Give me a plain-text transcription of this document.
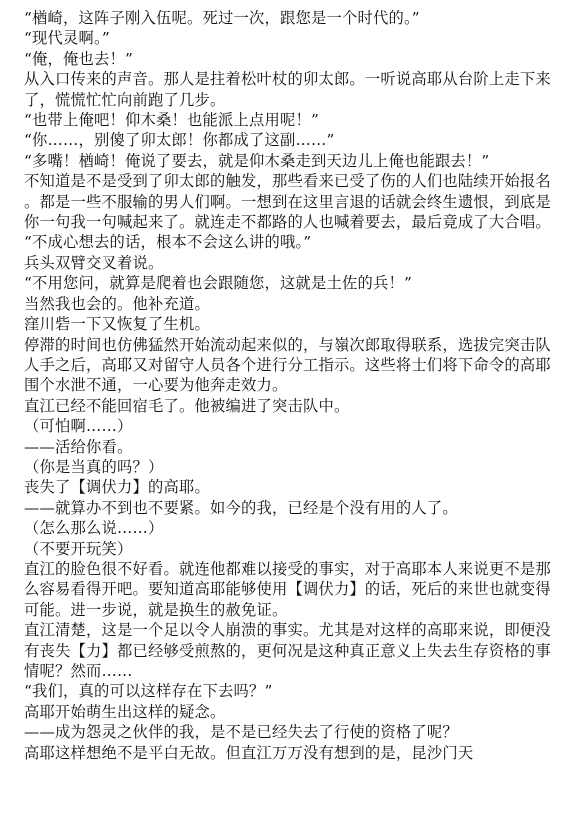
“楢崎，这阵子刚入伍呢。死过一次，跟您是一个时代的。”

“现代灵啊。”

“俺，俺也去！”

从入口传来的声音。那人是拄着松叶杖的卯太郎。一听说高耶从台阶上走下来了，慌慌忙忙向前跑了几步。

“也带上俺吧！仰木桑！也能派上点用呢！”

“你……，别傻了卯太郎！你都成了这副……”

“多嘴！楢崎！俺说了要去，就是仰木桑走到天边儿上俺也能跟去！”

不知道是不是受到了卯太郎的触发，那些看来已受了伤的人们也陆续开始报名。都是一些不服输的男人们啊。一想到在这里言退的话就会终生遗恨，到底是你一句我一句喊起来了。就连走不都路的人也喊着要去，最后竟成了大合唱。

“不成心想去的话，根本不会这么讲的哦。”

兵头双臂交叉着说。

“不用您问，就算是爬着也会跟随您，这就是土佐的兵！”

当然我也会的。他补充道。

窪川砦一下又恢复了生机。

停滞的时间也仿佛猛然开始流动起来似的，与嶺次郎取得联系，选拔完突击队人手之后，高耶又对留守人员各个进行分工指示。这些将士们将下命令的高耶围个水泄不通，一心要为他奔走效力。

直江已经不能回宿毛了。他被编进了突击队中。

（可怕啊……）

——活给你看。

（你是当真的吗？）

丧失了【调伏力】的高耶。

——就算办不到也不要紧。如今的我，已经是个没有用的人了。

（怎么那么说……）

（不要开玩笑）

直江的脸色很不好看。就连他都难以接受的事实，对于高耶本人来说更不是那么容易看得开吧。要知道高耶能够使用【调伏力】的话，死后的来世也就变得可能。进一步说，就是换生的赦免证。

直江清楚，这是一个足以令人崩溃的事实。尤其是对这样的高耶来说，即便没有丧失【力】都已经够受煎熬的，更何况是这种真正意义上失去生存资格的事情呢？然而……

“我们，真的可以这样存在下去吗？”

高耶开始萌生出这样的疑念。

——成为怨灵之伙伴的我，是不是已经失去了行使的资格了呢？

高耶这样想绝不是平白无故。但直江万万没有想到的是，昆沙门天
